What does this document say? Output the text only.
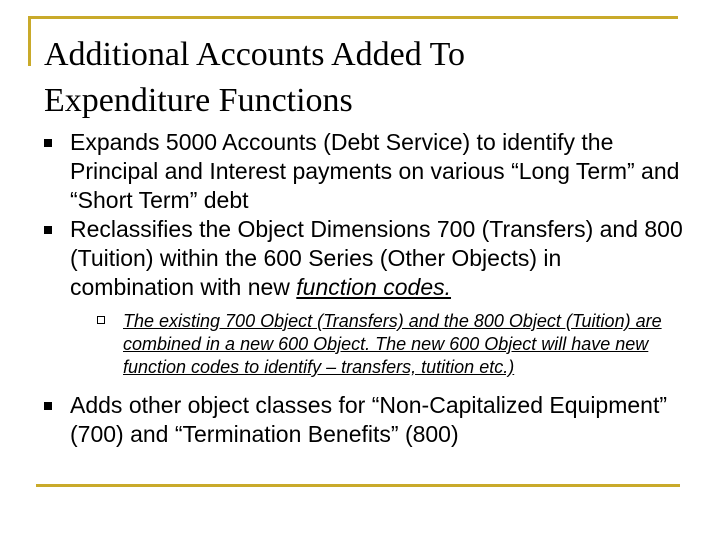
Additional Accounts Added To
Expenditure Functions
Expands 5000 Accounts (Debt Service) to identify the Principal and Interest payments on various “Long Term” and “Short Term” debt
Reclassifies the Object Dimensions 700 (Transfers) and 800 (Tuition) within the 600 Series (Other Objects) in combination with new function codes.
The existing 700 Object (Transfers) and the 800 Object (Tuition) are combined in a new 600 Object. The new 600 Object will have new function codes to identify – transfers, tutition etc.)
Adds other object classes for “Non-Capitalized Equipment” (700) and “Termination Benefits” (800)
